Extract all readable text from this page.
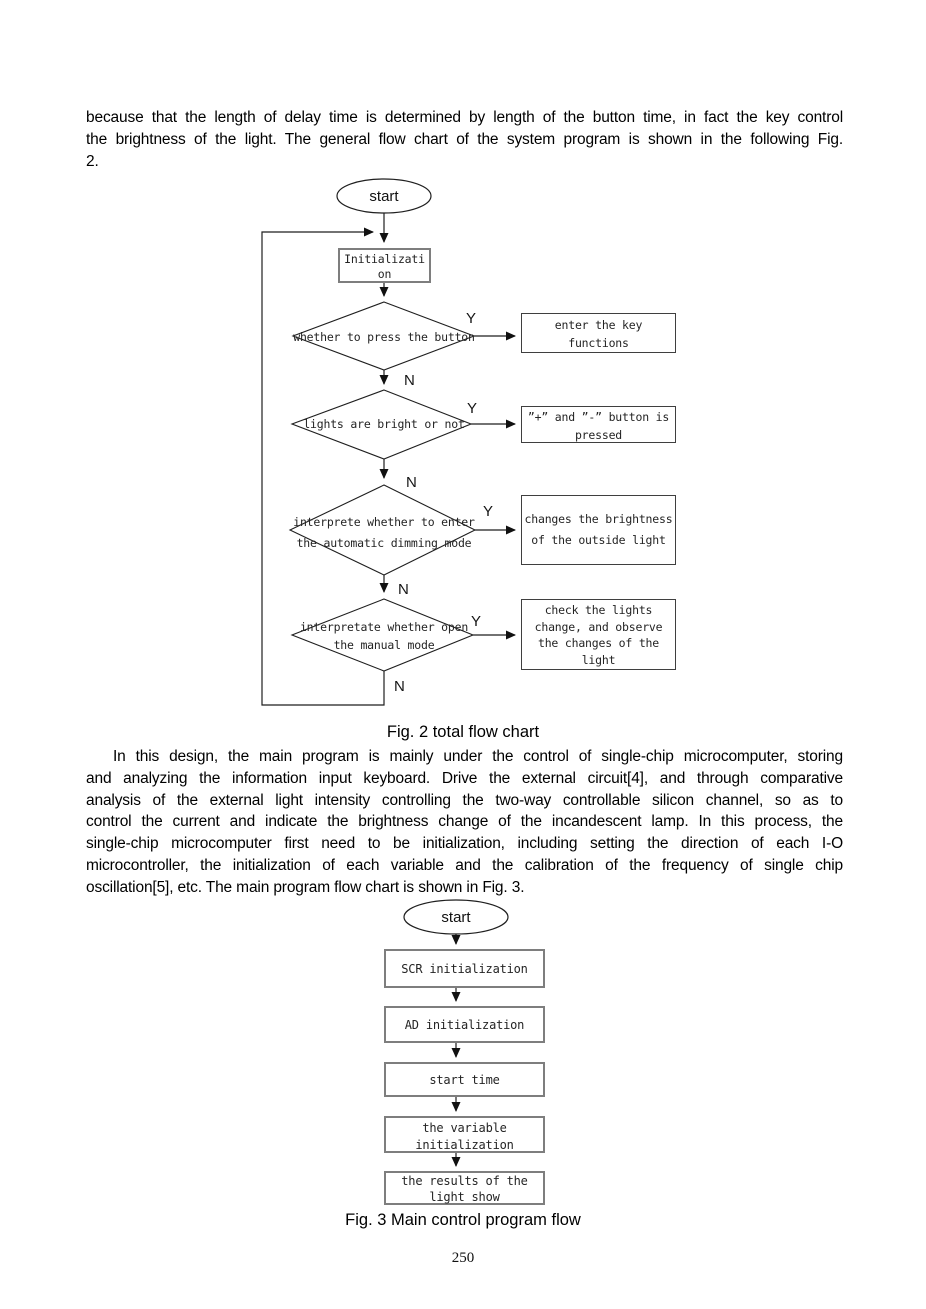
because that the length of delay time is determined by length of the button time, in fact the key control
the brightness of the light. The general flow chart of the system program is shown in the following Fig.
2.
start
Initializati
on
whether to press the button
lights are bright or not
interprete whether to enter
the automatic dimming mode
interpretate whether open
the manual mode
enter the key
functions
”+” and ”-” button is
pressed
changes the brightness
of the outside light
check the lights
change, and observe
the changes of the
light
Y
N
Y
N
Y
N
Y
N
Fig. 2 total flow chart
In this design, the main program is mainly under the control of single-chip microcomputer, storing
and analyzing the information input keyboard. Drive the external circuit[4], and through comparative
analysis of the external light intensity controlling the two-way controllable silicon channel, so as to
control the current and indicate the brightness change of the incandescent lamp. In this process, the
single-chip microcomputer first need to be initialization, including setting the direction of each I-O
microcontroller, the initialization of each variable and the calibration of the frequency of single chip
oscillation[5], etc. The main program flow chart is shown in Fig. 3.
start
SCR initialization
AD initialization
start time
the variable
initialization
the results of the
light show
Fig. 3 Main control program flow
250
